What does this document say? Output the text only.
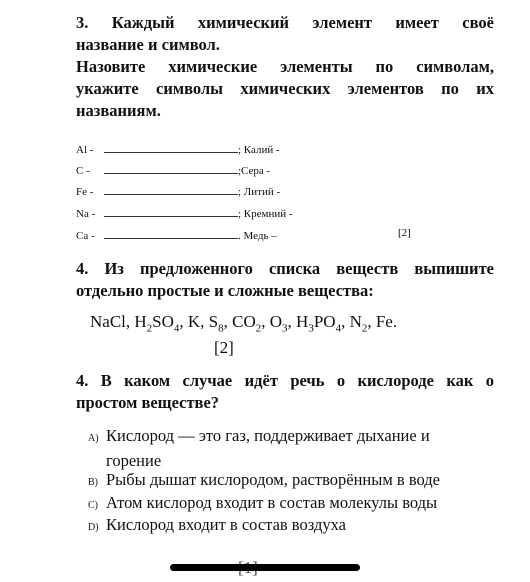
3. Каждый химический элемент имеет своё
название и символ.
Назовите химические элементы по символам,
укажите символы химических элементов по их
названиям.
Al -	; Калий -
C -	;Сера -
Fe -	; Литий -
Na -	; Кремний -
Ca -	. Медь –	[2]
4. Из предложенного списка веществ выпишите
отдельно простые и сложные вещества:
NaCl, $H_2SO_4$, K, $S_8$, $CO_2$, $O_3$, $H_3PO_4$, $N_2$, Fe.
[2]
4. В каком случае идёт речь о кислороде как о
простом веществе?
A) Кислород — это газ, поддерживает дыхание и
горение
B) Рыбы дышат кислородом, растворённым в воде
C) Атом кислород входит в состав молекулы воды
D) Кислород входит в состав воздуха
